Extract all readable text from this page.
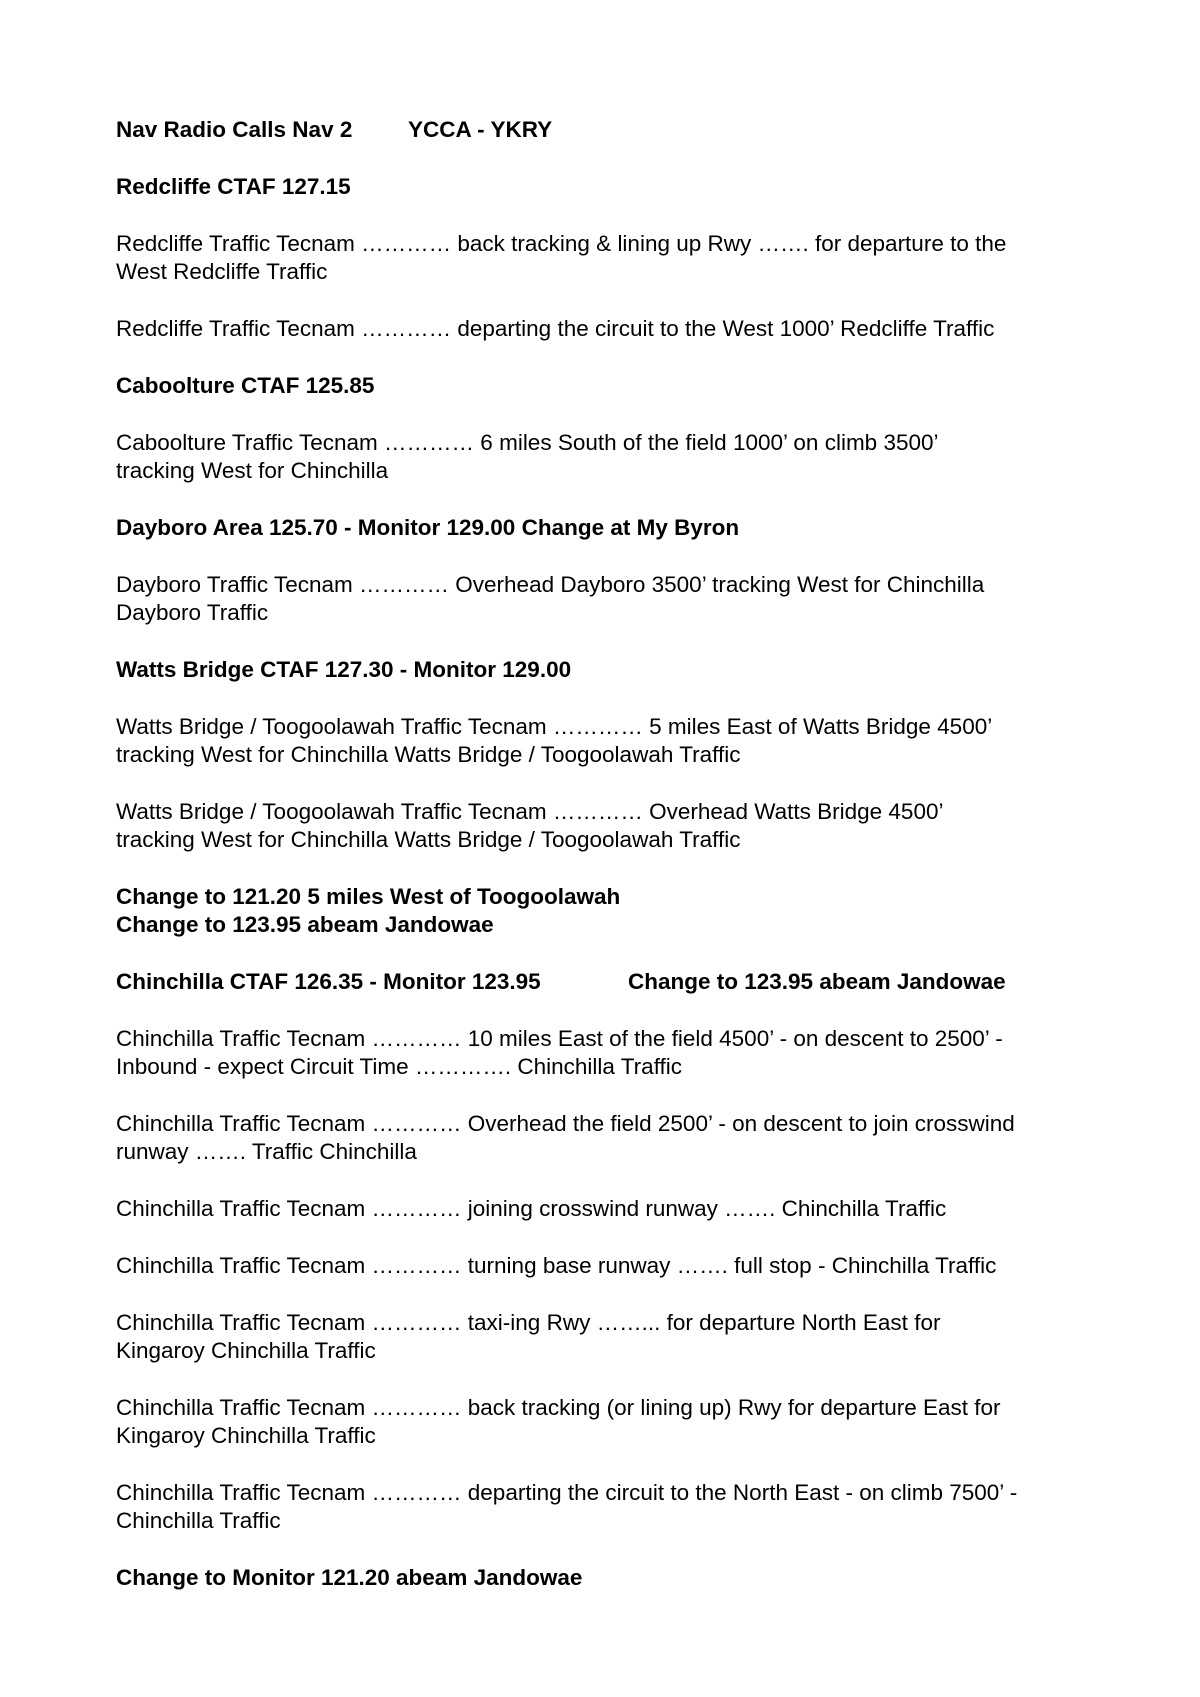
Nav Radio Calls Nav 2 YCCA - YKRY
Redcliffe CTAF 127.15
Redcliffe Traffic Tecnam ………… back tracking & lining up Rwy ……. for departure to the
West Redcliffe Traffic
Redcliffe Traffic Tecnam ………… departing the circuit to the West 1000’ Redcliffe Traffic
Caboolture CTAF 125.85
Caboolture Traffic Tecnam ………… 6 miles South of the field 1000’ on climb 3500’
tracking West for Chinchilla
Dayboro Area 125.70 - Monitor 129.00 Change at My Byron
Dayboro Traffic Tecnam ………… Overhead Dayboro 3500’ tracking West for Chinchilla
Dayboro Traffic
Watts Bridge CTAF 127.30 - Monitor 129.00
Watts Bridge / Toogoolawah Traffic Tecnam ………… 5 miles East of Watts Bridge 4500’
tracking West for Chinchilla Watts Bridge / Toogoolawah Traffic
Watts Bridge / Toogoolawah Traffic Tecnam ………… Overhead Watts Bridge 4500’
tracking West for Chinchilla Watts Bridge / Toogoolawah Traffic
Change to 121.20 5 miles West of Toogoolawah
Change to 123.95 abeam Jandowae
Chinchilla CTAF 126.35 - Monitor 123.95	Change to 123.95 abeam Jandowae
Chinchilla Traffic Tecnam ………… 10 miles East of the field 4500’ - on descent to 2500’ -
Inbound - expect Circuit Time …………. Chinchilla Traffic
Chinchilla Traffic Tecnam ………… Overhead the field 2500’ - on descent to join crosswind
runway ……. Traffic Chinchilla
Chinchilla Traffic Tecnam ………… joining crosswind runway ……. Chinchilla Traffic
Chinchilla Traffic Tecnam ………… turning base runway ……. full stop - Chinchilla Traffic
Chinchilla Traffic Tecnam ………… taxi-ing Rwy ……... for departure North East for
Kingaroy Chinchilla Traffic
Chinchilla Traffic Tecnam ………… back tracking (or lining up) Rwy for departure East for
Kingaroy Chinchilla Traffic
Chinchilla Traffic Tecnam ………… departing the circuit to the North East - on climb 7500’ -
Chinchilla Traffic
Change to Monitor 121.20 abeam Jandowae
